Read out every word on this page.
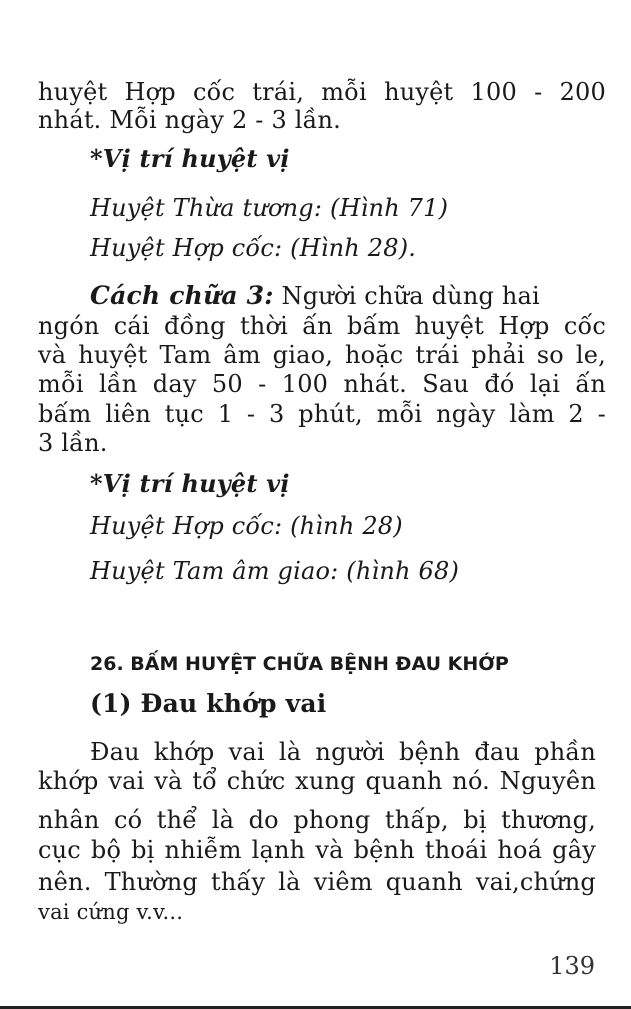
huyệt Hợp cốc trái, mỗi huyệt 100 - 200
nhát. Mỗi ngày 2 - 3 lần.
*Vị trí huyệt vị
Huyệt Thừa tương: (Hình 71)
Huyệt Hợp cốc: (Hình 28).
Cách chữa 3: Người chữa dùng hai
ngón cái đồng thời ấn bấm huyệt Hợp cốc
và huyệt Tam âm giao, hoặc trái phải so le,
mỗi lần day 50 - 100 nhát. Sau đó lại ấn
bấm liên tục 1 - 3 phút, mỗi ngày làm 2 -
3 lần.
*Vị trí huyệt vị
Huyệt Hợp cốc: (hình 28)
Huyệt Tam âm giao: (hình 68)
26. BẤM HUYỆT CHỮA BỆNH ĐAU KHỚP
(1) Đau khớp vai
Đau khớp vai là người bệnh đau phần
khớp vai và tổ chức xung quanh nó. Nguyên
nhân có thể là do phong thấp, bị thương,
cục bộ bị nhiễm lạnh và bệnh thoái hoá gây
nên. Thường thấy là viêm quanh vai,chứng
vai cứng v.v...
139
